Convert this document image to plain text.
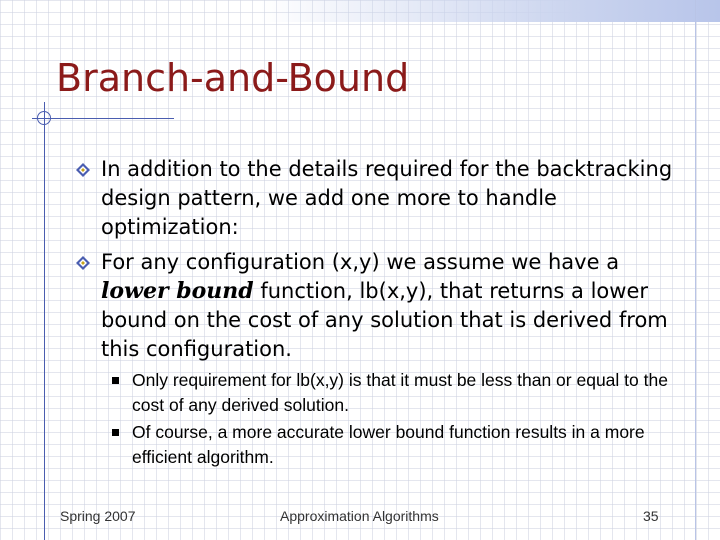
Branch-and-Bound
In addition to the details required for the backtracking design pattern, we add one more to handle optimization:
For any configuration (x,y) we assume we have a lower bound function, lb(x,y), that returns a lower bound on the cost of any solution that is derived from this configuration.
Only requirement for lb(x,y) is that it must be less than or equal to the cost of any derived solution.
Of course, a more accurate lower bound function results in a more efficient algorithm.
Spring 2007	Approximation Algorithms	35
